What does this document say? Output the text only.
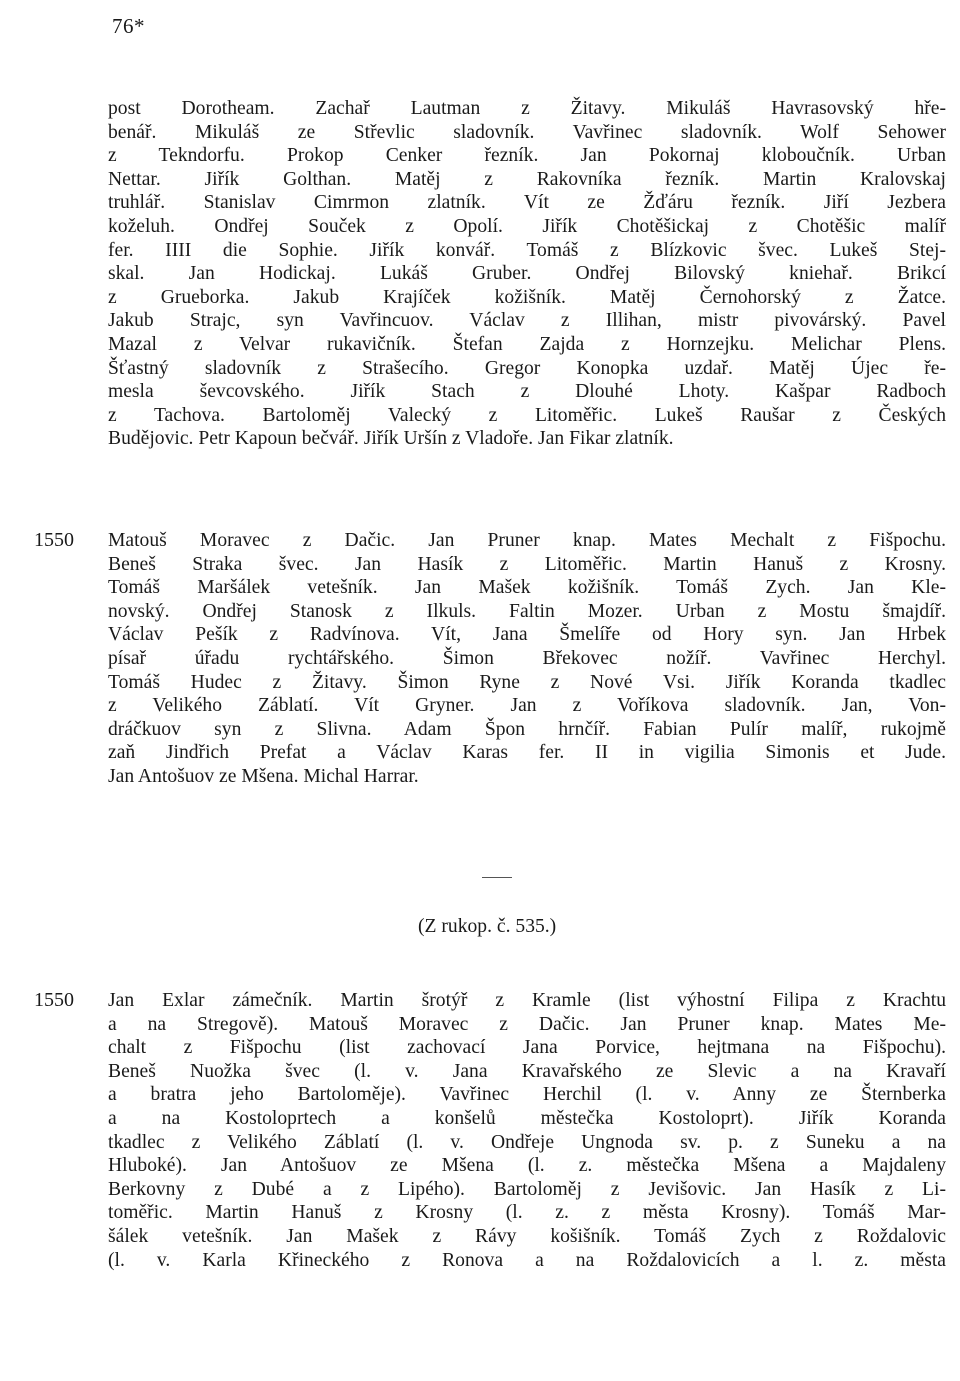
76*
post Dorotheam. Zachař Lautman z Žitavy. Mikuláš Havrasovský hře-
benář. Mikuláš ze Střevlic sladovník. Vavřinec sladovník. Wolf Sehower
z Tekndorfu. Prokop Cenker řezník. Jan Pokornaj kloboučník. Urban
Nettar. Jiřík Golthan. Matěj z Rakovníka řezník. Martin Kralovskaj
truhlář. Stanislav Cimrmon zlatník. Vít ze Žďáru řezník. Jiří Jezbera
koželuh. Ondřej Souček z Opolí. Jiřík Chotěšickaj z Chotěšic malíř
fer. IIII die Sophie. Jiřík konvář. Tomáš z Blízkovic švec. Lukeš Stej-
skal. Jan Hodickaj. Lukáš Gruber. Ondřej Bilovský kniehař. Brikcí
z Grueborka. Jakub Krajíček kožišník. Matěj Černohorský z Žatce.
Jakub Strajc, syn Vavřincuov. Václav z Illihan, mistr pivovárský. Pavel
Mazal z Velvar rukavičník. Štefan Zajda z Hornzejku. Melichar Plens.
Šťastný sladovník z Strašecího. Gregor Konopka uzdař. Matěj Újec ře-
mesla ševcovského. Jiřík Stach z Dlouhé Lhoty. Kašpar Radboch
z Tachova. Bartoloměj Valecký z Litoměřic. Lukeš Raušar z Českých
Budějovic. Petr Kapoun bečvář. Jiřík Uršín z Vladoře. Jan Fikar zlatník.
1550 Matouš Moravec z Dačic. Jan Pruner knap. Mates Mechalt z Fišpochu.
Beneš Straka švec. Jan Hasík z Litoměřic. Martin Hanuš z Krosny.
Tomáš Maršálek vetešník. Jan Mašek kožišník. Tomáš Zych. Jan Kle-
novský. Ondřej Stanosk z Ilkuls. Faltin Mozer. Urban z Mostu šmajdíř.
Václav Pešík z Radvínova. Vít, Jana Šmelíře od Hory syn. Jan Hrbek
písař úřadu rychtářského. Šimon Břekovec nožíř. Vavřinec Herchyl.
Tomáš Hudec z Žitavy. Šimon Ryne z Nové Vsi. Jiřík Koranda tkadlec
z Velikého Záblatí. Vít Gryner. Jan z Voříkova sladovník. Jan, Von-
dráčkuov syn z Slivna. Adam Špon hrnčíř. Fabian Pulír malíř, rukojmě
zaň Jindřich Prefat a Václav Karas fer. II in vigilia Simonis et Jude.
Jan Antošuov ze Mšena. Michal Harrar.
(Z rukop. č. 535.)
1550 Jan Exlar zámečník. Martin šrotýř z Kramle (list výhostní Filipa z Krachtu
a na Stregově). Matouš Moravec z Dačic. Jan Pruner knap. Mates Me-
chalt z Fišpochu (list zachovací Jana Porvice, hejtmana na Fišpochu).
Beneš Nuožka švec (l. v. Jana Kravařského ze Slevic a na Kravaří
a bratra jeho Bartoloměje). Vavřinec Herchil (l. v. Anny ze Šternberka
a na Kostoloprtech a konšelů městečka Kostoloprt). Jiřík Koranda
tkadlec z Velikého Záblatí (l. v. Ondřeje Ungnoda sv. p. z Suneku a na
Hluboké). Jan Antošuov ze Mšena (l. z. městečka Mšena a Majdaleny
Berkovny z Dubé a z Lipého). Bartoloměj z Jevišovic. Jan Hasík z Li-
toměřic. Martin Hanuš z Krosny (l. z. z města Krosny). Tomáš Mar-
šálek vetešník. Jan Mašek z Rávy košišník. Tomáš Zych z Roždalovic
(l. v. Karla Křineckého z Ronova a na Roždalovicích a l. z. města
